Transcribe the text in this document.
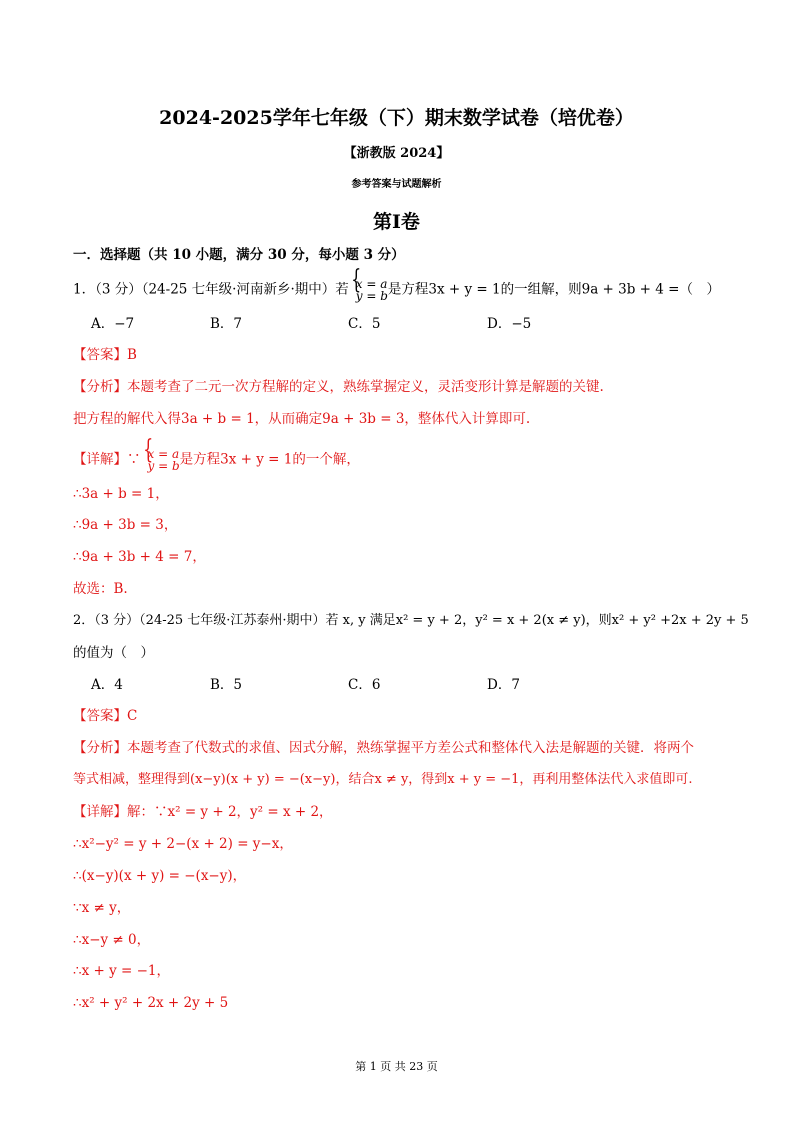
2024-2025学年七年级（下）期末数学试卷（培优卷）
【浙教版 2024】
参考答案与试题解析
第Ⅰ卷
一．选择题（共 10 小题，满分 30 分，每小题 3 分）
1．（3 分）（24-25 七年级·河南新乡·期中）若 { x = a
y = b 是方程3x + y = 1的一组解，则9a + 3b + 4 =（　）
A．−7	B．7	C．5	D．−5
【答案】B
【分析】本题考查了二元一次方程解的定义，熟练掌握定义，灵活变形计算是解题的关键.
把方程的解代入得3a + b = 1，从而确定9a + 3b = 3，整体代入计算即可.
【详解】∵ { x = a
y = b 是方程3x + y = 1的一个解，
∴3a + b = 1，
∴9a + 3b = 3，
∴9a + 3b + 4 = 7，
故选：B.
2．（3 分）（24-25 七年级·江苏泰州·期中）若 x, y 满足x² = y + 2，y² = x + 2(x ≠ y)，则x² + y² +2x + 2y + 5
的值为（　）
A．4	B．5	C．6	D．7
【答案】C
【分析】本题考查了代数式的求值、因式分解，熟练掌握平方差公式和整体代入法是解题的关键．将两个
等式相减，整理得到(x−y)(x + y) = −(x−y)，结合x ≠ y，得到x + y = −1，再利用整体法代入求值即可.
【详解】解：∵x² = y + 2，y² = x + 2，
∴x²−y² = y + 2−(x + 2) = y−x，
∴(x−y)(x + y) = −(x−y)，
∵x ≠ y，
∴x−y ≠ 0，
∴x + y = −1，
∴x² + y² + 2x + 2y + 5
第 1 页 共 23 页
